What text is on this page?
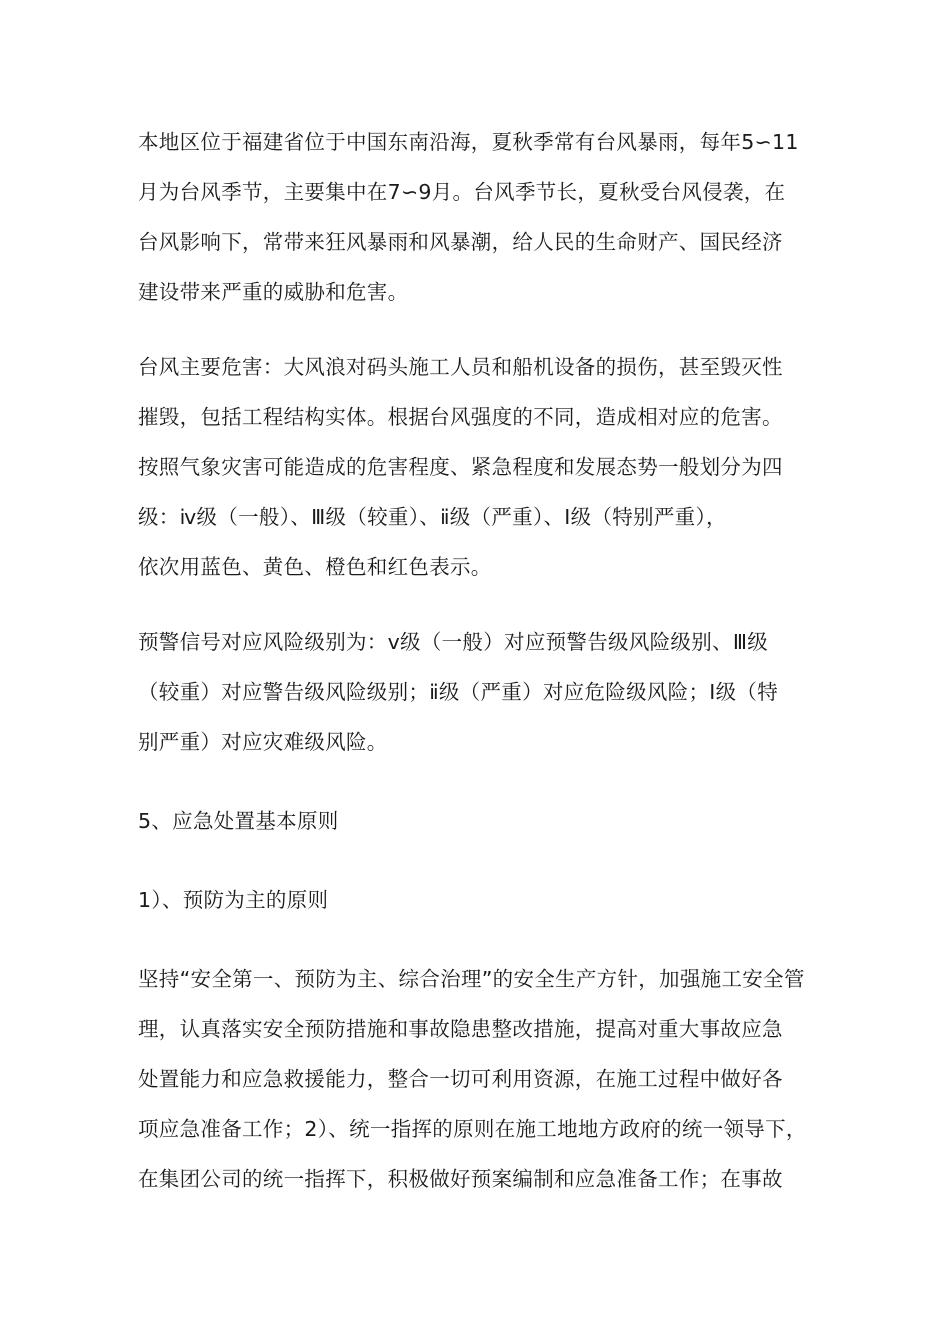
本地区位于福建省位于中国东南沿海，夏秋季常有台风暴雨，每年5∽11
月为台风季节，主要集中在7∽9月。台风季节长，夏秋受台风侵袭，在
台风影响下，常带来狂风暴雨和风暴潮，给人民的生命财产、国民经济
建设带来严重的威胁和危害。
台风主要危害：大风浪对码头施工人员和船机设备的损伤，甚至毁灭性
摧毁，包括工程结构实体。根据台风强度的不同，造成相对应的危害。
按照气象灾害可能造成的危害程度、紧急程度和发展态势一般划分为四
级：ⅳ级（一般）、Ⅲ级（较重）、ⅱ级（严重）、Ⅰ级（特别严重），
依次用蓝色、黄色、橙色和红色表示。
预警信号对应风险级别为：ⅴ级（一般）对应预警告级风险级别、Ⅲ级
（较重）对应警告级风险级别；ⅱ级（严重）对应危险级风险；Ⅰ级（特
别严重）对应灾难级风险。
5、应急处置基本原则
1）、预防为主的原则
坚持“安全第一、预防为主、综合治理”的安全生产方针，加强施工安全管
理，认真落实安全预防措施和事故隐患整改措施，提高对重大事故应急
处置能力和应急救援能力，整合一切可利用资源，在施工过程中做好各
项应急准备工作；2）、统一指挥的原则在施工地地方政府的统一领导下，
在集团公司的统一指挥下，积极做好预案编制和应急准备工作；在事故
